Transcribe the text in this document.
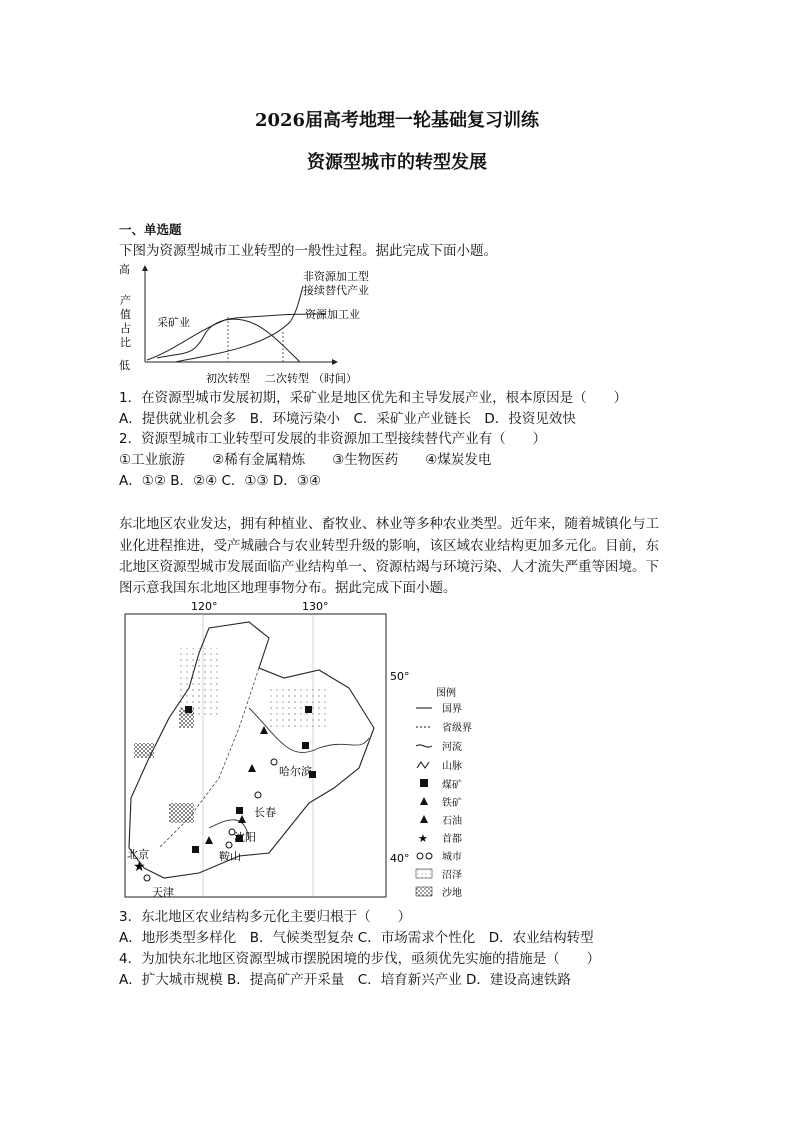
2026届高考地理一轮基础复习训练
资源型城市的转型发展
一、单选题
下图为资源型城市工业转型的一般性过程。据此完成下面小题。
高
产
值
占
比
低
采矿业
资源加工业
非资源加工型
接续替代产业
初次转型 二次转型 （时间）
1．在资源型城市发展初期，采矿业是地区优先和主导发展产业，根本原因是（　　）
A．提供就业机会多　B．环境污染小　C．采矿业产业链长　D．投资见效快
2．资源型城市工业转型可发展的非资源加工型接续替代产业有（　　）
①工业旅游　　②稀有金属精炼　　③生物医药　　④煤炭发电
A．①② B．②④ C．①③ D．③④
东北地区农业发达，拥有种植业、畜牧业、林业等多种农业类型。近年来，随着城镇化与工
业化进程推进，受产城融合与农业转型升级的影响，该区域农业结构更加多元化。目前，东
北地区资源型城市发展面临产业结构单一、资源枯竭与环境污染、人才流失严重等困境。下
图示意我国东北地区地理事物分布。据此完成下面小题。
120°	130°
50°
40°
★
哈尔滨
长春
沈阳
鞍山
北京
天津
图例
国界
省级界
河流
山脉
煤矿
铁矿
石油
★ 首都
城市
沼泽
沙地
3．东北地区农业结构多元化主要归根于（　　）
A．地形类型多样化　B．气候类型复杂 C．市场需求个性化　D．农业结构转型
4．为加快东北地区资源型城市摆脱困境的步伐，亟须优先实施的措施是（　　）
A．扩大城市规模 B．提高矿产开采量　C．培育新兴产业 D．建设高速铁路
